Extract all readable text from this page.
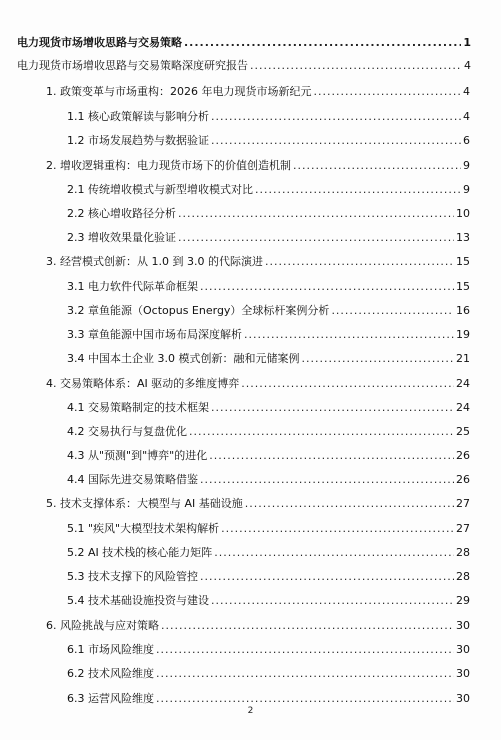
电力现货市场增收思路与交易策略 .....	1
电力现货市场增收思路与交易策略深度研究报告 .....	4
1. 政策变革与市场重构：2026 年电力现货市场新纪元 .....	4
1.1 核心政策解读与影响分析 .....	4
1.2 市场发展趋势与数据验证 .....	6
2. 增收逻辑重构：电力现货市场下的价值创造机制 .....	9
2.1 传统增收模式与新型增收模式对比 .....	9
2.2 核心增收路径分析 .....	10
2.3 增收效果量化验证 .....	13
3. 经营模式创新：从 1.0 到 3.0 的代际演进 .....	15
3.1 电力软件代际革命框架 .....	15
3.2 章鱼能源（Octopus Energy）全球标杆案例分析 .....	16
3.3 章鱼能源中国市场布局深度解析 .....	19
3.4 中国本土企业 3.0 模式创新：融和元储案例 .....	21
4. 交易策略体系：AI 驱动的多维度博弈 .....	24
4.1 交易策略制定的技术框架 .....	24
4.2 交易执行与复盘优化 .....	25
4.3 从"预测"到"博弈"的进化 .....	26
4.4 国际先进交易策略借鉴 .....	26
5. 技术支撑体系：大模型与 AI 基础设施 .....	27
5.1 "疾风"大模型技术架构解析 .....	27
5.2 AI 技术栈的核心能力矩阵 .....	28
5.3 技术支撑下的风险管控 .....	28
5.4 技术基础设施投资与建设 .....	29
6. 风险挑战与应对策略 .....	30
6.1 市场风险维度 .....	30
6.2 技术风险维度 .....	30
6.3 运营风险维度 .....	30
2
